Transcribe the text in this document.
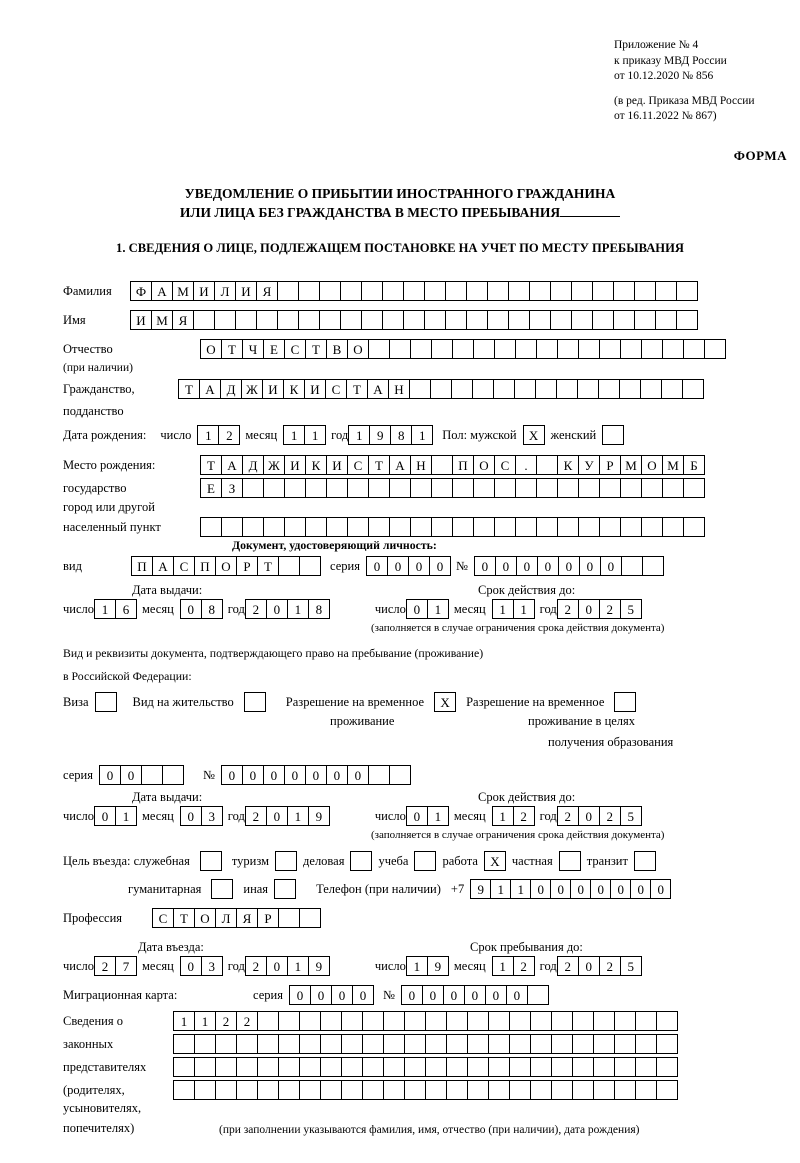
Приложение № 4
к приказу МВД России
от 10.12.2020 № 856
(в ред. Приказа МВД России
от 16.11.2022 № 867)
ФОРМА
УВЕДОМЛЕНИЕ О ПРИБЫТИИ ИНОСТРАННОГО ГРАЖДАНИНА
ИЛИ ЛИЦА БЕЗ ГРАЖДАНСТВА В МЕСТО ПРЕБЫВАНИЯ
1. СВЕДЕНИЯ О ЛИЦЕ, ПОДЛЕЖАЩЕМ ПОСТАНОВКЕ НА УЧЕТ ПО МЕСТУ ПРЕБЫВАНИЯ
Фамилия	Ф А М И Л И Я
Имя	И М Я
Отчество	О Т Ч Е С Т В О
(при наличии)
Гражданство,	Т А Д Ж И К И С Т А Н
подданство
Дата рождения: число	1	2	месяц	1	1	год 1	9	8	1	Пол: мужской Х женский
Место рождения:	Т А Д Ж И К И С Т А Н	П О С	.	К У Р М О М Б
государство	Е	З
город или другой
населенный пункт
Документ, удостоверяющий личность:
вид	П А С П О Р	Т	серия	0	0	0	0	№	0	0	0	0	0	0	0
Дата выдачи:	Срок действия до:
число 1	6	месяц	0	8	год 2	0	1	8	число 0	1	месяц	1	1	год 2	0	2	5
(заполняется в случае ограничения срока действия документа)
Вид и реквизиты документа, подтверждающего право на пребывание (проживание)
в Российской Федерации:
Виза	Вид на жительство	Разрешение на временное	Х	Разрешение на временное
проживание	проживание в целях
получения образования
серия	0	0	№	0	0	0	0	0	0	0
Дата выдачи:	Срок действия до:
число 0	1	месяц	0	3	год 2	0	1	9	число 0	1	месяц	1	2	год 2	0	2	5
(заполняется в случае ограничения срока действия документа)
Цель въезда: служебная	туризм	деловая	учеба	работа Х частная	транзит
гуманитарная	иная	Телефон (при наличии) +7	9	1	1	0	0	0	0	0	0	0
Профессия	С Т О Л Я	Р
Дата въезда:	Срок пребывания до:
число 2	7	месяц	0	3	год 2	0	1	9	число 1	9	месяц	1	2	год 2	0	2	5
Миграционная карта:	серия	0	0	0	0	№	0	0	0	0	0	0
Сведения о	1	1	2	2
законных
представителях
(родителях,
усыновителях,
попечителях)	(при заполнении указываются фамилия, имя, отчество (при наличии), дата рождения)
